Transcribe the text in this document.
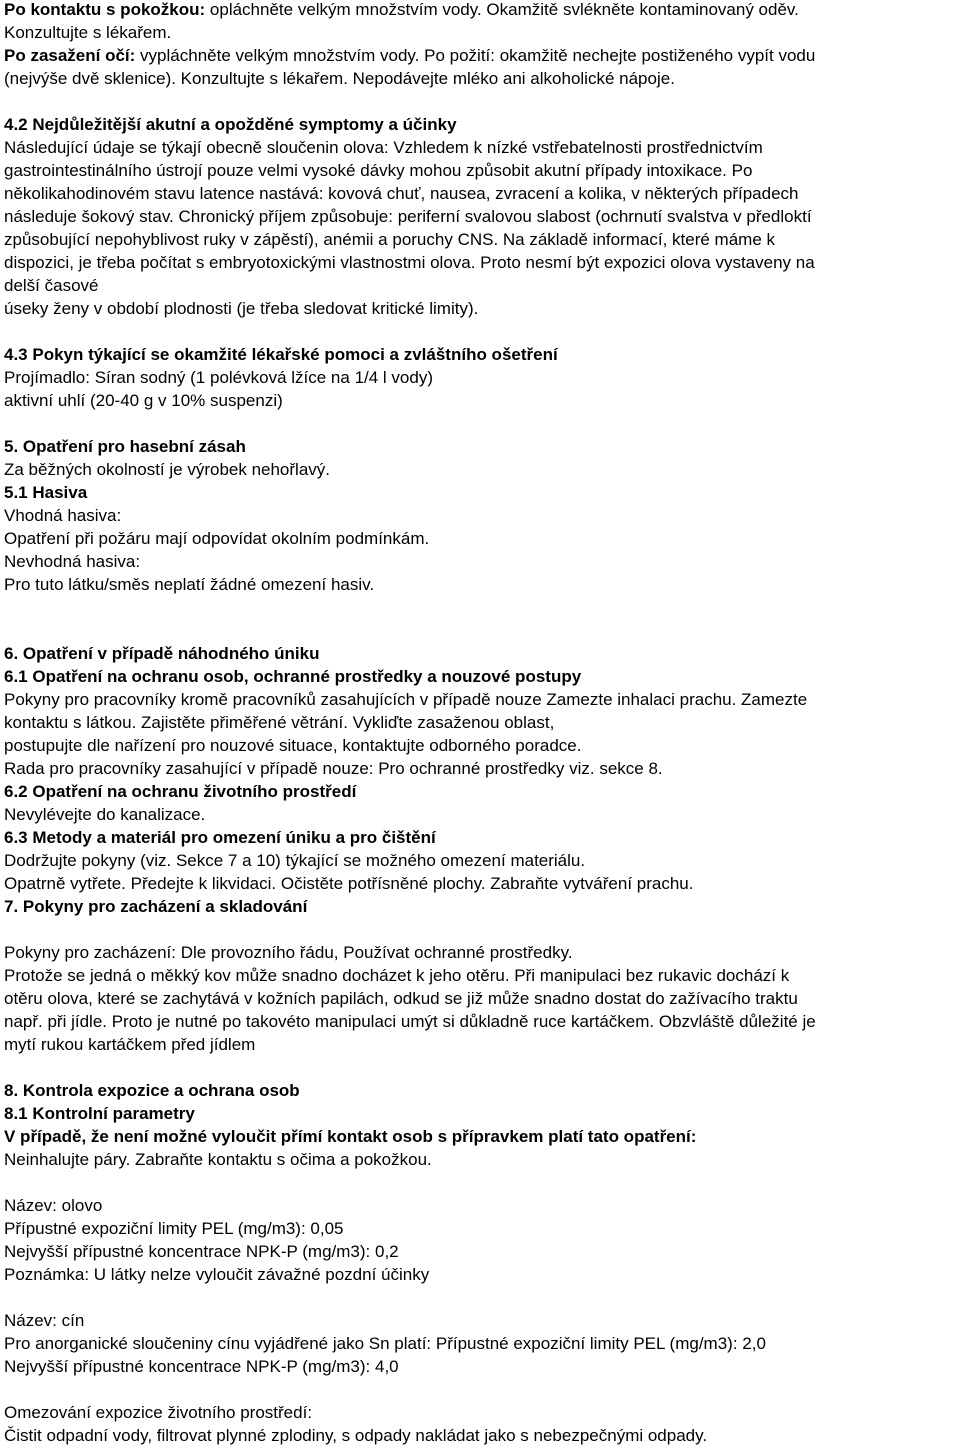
Po kontaktu s pokožkou: opláchněte velkým množstvím vody. Okamžitě svlékněte kontaminovaný oděv.
Konzultujte s lékařem.
Po zasažení očí: vypláchněte velkým množstvím vody. Po požití: okamžitě nechejte postiženého vypít vodu
(nejvýše dvě sklenice). Konzultujte s lékařem. Nepodávejte mléko ani alkoholické nápoje.
4.2 Nejdůležitější akutní a opožděné symptomy a účinky
Následující údaje se týkají obecně sloučenin olova: Vzhledem k nízké vstřebatelnosti prostřednictvím
gastrointestinálního ústrojí pouze velmi vysoké dávky mohou způsobit akutní případy intoxikace. Po
několikahodinovém stavu latence nastává: kovová chuť, nausea, zvracení a kolika, v některých případech
následuje šokový stav. Chronický příjem způsobuje: periferní svalovou slabost (ochrnutí svalstva v předloktí
způsobující nepohyblivost ruky v zápěstí), anémii a poruchy CNS. Na základě informací, které máme k
dispozici, je třeba počítat s embryotoxickými vlastnostmi olova. Proto nesmí být expozici olova vystaveny na
delší časové
úseky ženy v období plodnosti (je třeba sledovat kritické limity).
4.3 Pokyn týkající se okamžité lékařské pomoci a zvláštního ošetření
Projímadlo: Síran sodný (1 polévková lžíce na 1/4 l vody)
aktivní uhlí (20-40 g v 10% suspenzi)
5. Opatření pro hasební zásah
Za běžných okolností je výrobek nehořlavý.
5.1 Hasiva
Vhodná hasiva:
Opatření při požáru mají odpovídat okolním podmínkám.
Nevhodná hasiva:
Pro tuto látku/směs neplatí žádné omezení hasiv.
6. Opatření v případě náhodného úniku
6.1 Opatření na ochranu osob, ochranné prostředky a nouzové postupy
Pokyny pro pracovníky kromě pracovníků zasahujících v případě nouze Zamezte inhalaci prachu. Zamezte
kontaktu s látkou. Zajistěte přiměřené větrání. Vykliďte zasaženou oblast,
postupujte dle nařízení pro nouzové situace, kontaktujte odborného poradce.
Rada pro pracovníky zasahující v případě nouze: Pro ochranné prostředky viz. sekce 8.
6.2 Opatření na ochranu životního prostředí
Nevylévejte do kanalizace.
6.3 Metody a materiál pro omezení úniku a pro čištění
Dodržujte pokyny (viz. Sekce 7 a 10) týkající se možného omezení materiálu.
Opatrně vytřete. Předejte k likvidaci. Očistěte potřísněné plochy. Zabraňte vytváření prachu.
7. Pokyny pro zacházení a skladování
Pokyny pro zacházení: Dle provozního řádu, Používat ochranné prostředky.
Protože se jedná o měkký kov může snadno docházet k jeho otěru. Při manipulaci bez rukavic dochází k
otěru olova, které se zachytává v kožních papilách, odkud se již může snadno dostat do zažívacího traktu
např. při jídle. Proto je nutné po takovéto manipulaci umýt si důkladně ruce kartáčkem. Obzvláště důležité je
mytí rukou kartáčkem před jídlem
8. Kontrola expozice a ochrana osob
8.1 Kontrolní parametry
V případě, že není možné vyloučit přímí kontakt osob s přípravkem platí tato opatření:
Neinhalujte páry. Zabraňte kontaktu s očima a pokožkou.
Název: olovo
Přípustné expoziční limity PEL (mg/m3): 0,05
Nejvyšší přípustné koncentrace NPK-P (mg/m3): 0,2
Poznámka: U látky nelze vyloučit závažné pozdní účinky
Název: cín
Pro anorganické sloučeniny cínu vyjádřené jako Sn platí: Přípustné expoziční limity PEL (mg/m3): 2,0
Nejvyšší přípustné koncentrace NPK-P (mg/m3): 4,0
Omezování expozice životního prostředí:
Čistit odpadní vody, filtrovat plynné zplodiny, s odpady nakládat jako s nebezpečnými odpady.
